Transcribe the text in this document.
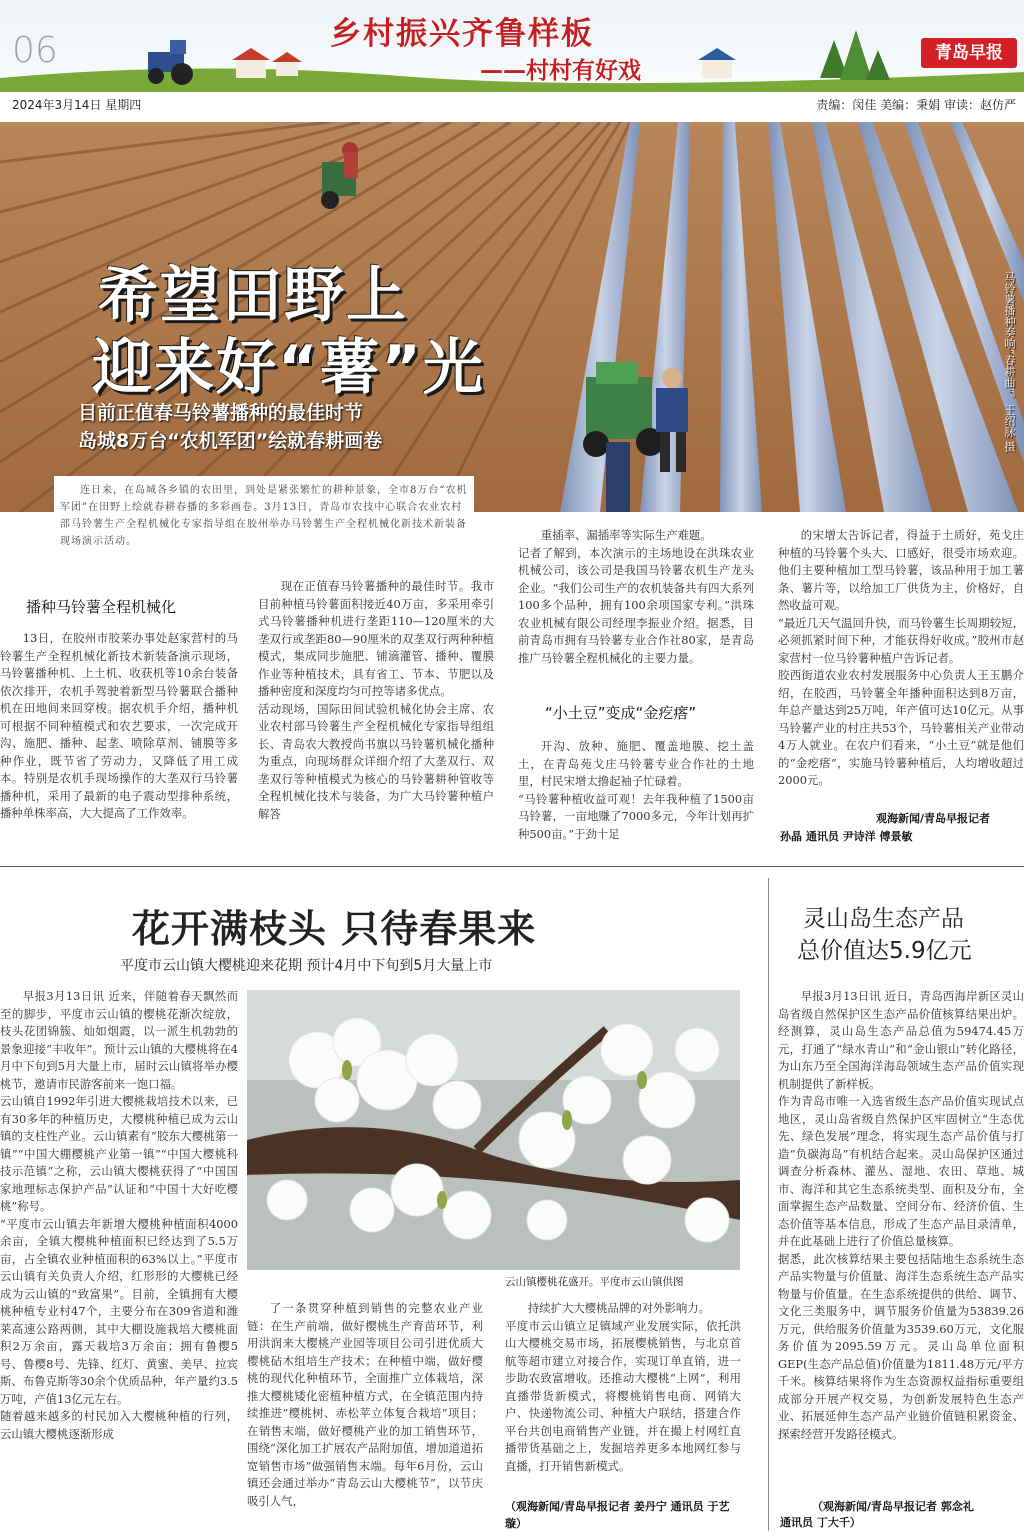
06	乡村振兴齐鲁样板
——村村有好戏
青岛早报
2024年3月14日 星期四	责编：闵佳 美编：秉娟 审读：赵仿严
希望田野上
迎来好“薯”光
目前正值春马铃薯播种的最佳时节
岛城8万台“农机军团”绘就春耕画卷	马铃薯播种奏响“春耕曲”。王绍脉 摄
连日来，在岛城各乡镇的农田里，到处是紧张繁忙的耕种景象，全市8万台“农机军团”在田野上绘就春耕春播的多彩画卷。3月13日，青岛市农技中心联合农业农村部马铃薯生产全程机械化专家指导组在胶州举办马铃薯生产全程机械化新技术新装备现场演示活动。
播种马铃薯全程机械化

13日，在胶州市胶莱办事处赵家营村的马铃薯生产全程机械化新技术新装备演示现场，马铃薯播种机、上土机、收获机等10余台装备依次排开，农机手驾驶着新型马铃薯联合播种机在田地间来回穿梭。据农机手介绍，播种机可根据不同种植模式和农艺要求，一次完成开沟、施肥、播种、起垄、喷除草剂、铺膜等多种作业，既节省了劳动力，又降低了用工成本。特别是农机手现场操作的大垄双行马铃薯播种机，采用了最新的电子震动型排种系统，播种单株率高，大大提高了工作效率。

现在正值春马铃薯播种的最佳时节。我市目前种植马铃薯面积接近40万亩，多采用牵引式马铃薯播种机进行垄距110—120厘米的大垄双行或垄距80—90厘米的双垄双行两种种植模式，集成同步施肥、铺滴灌管、播种、覆膜作业等种植技术，具有省工、节本、节肥以及播种密度和深度均匀可控等诸多优点。
活动现场，国际田间试验机械化协会主席、农业农村部马铃薯生产全程机械化专家指导组组长、青岛农大教授尚书旗以马铃薯机械化播种为重点，向现场群众详细介绍了大垄双行、双垄双行等种植模式为核心的马铃薯耕种管收等全程机械化技术与装备，为广大马铃薯种植户解答

重插率、漏插率等实际生产难题。
记者了解到，本次演示的主场地设在洪珠农业机械公司，该公司是我国马铃薯农机生产龙头企业。“我们公司生产的农机装备共有四大系列100多个品种，拥有100余项国家专利。”洪珠农业机械有限公司经理李振业介绍。据悉，目前青岛市拥有马铃薯专业合作社80家，是青岛推广马铃薯全程机械化的主要力量。

“小土豆”变成“金疙瘩”

开沟、放种、施肥、覆盖地膜、挖土盖土，在青岛苑戈庄马铃薯专业合作社的土地里，村民宋增太撸起袖子忙碌着。
“马铃薯种植收益可观！去年我种植了1500亩马铃薯，一亩地赚了7000多元，今年计划再扩种500亩。”于劲十足

的宋增太告诉记者，得益于土质好，苑戈庄种植的马铃薯个头大、口感好，很受市场欢迎。他们主要种植加工型马铃薯，该品种用于加工薯条、薯片等，以给加工厂供货为主，价格好，自然收益可观。
“最近几天气温回升快，而马铃薯生长周期较短，必须抓紧时间下种，才能获得好收成。”胶州市赵家营村一位马铃薯种植户告诉记者。
胶西街道农业农村发展服务中心负责人王玉鹏介绍，在胶西，马铃薯全年播种面积达到8万亩，年总产量达到25万吨，年产值可达10亿元。从事马铃薯产业的村庄共53个，马铃薯相关产业带动4万人就业。在农户们看来，“小土豆”就是他们的“金疙瘩”，实施马铃薯种植后，人均增收超过2000元。

观海新闻/青岛早报记者
孙晶 通讯员 尹诗洋 傅景敏
花开满枝头 只待春果来
平度市云山镇大樱桃迎来花期 预计4月中下旬到5月大量上市

早报3月13日讯 近来，伴随着春天飘然而至的脚步，平度市云山镇的樱桃花渐次绽放，枝头花团锦簇、灿如烟霞，以一派生机勃勃的景象迎接“丰收年”。预计云山镇的大樱桃将在4月中下旬到5月大量上市，届时云山镇将举办樱桃节，邀请市民游客前来一饱口福。
云山镇自1992年引进大樱桃栽培技术以来，已有30多年的种植历史，大樱桃种植已成为云山镇的支柱性产业。云山镇素有“胶东大樱桃第一镇”“中国大棚樱桃产业第一镇”“中国大樱桃科技示范镇”之称，云山镇大樱桃获得了“中国国家地理标志保护产品”认证和“中国十大好吃樱桃”称号。
“平度市云山镇去年新增大樱桃种植面积4000余亩，全镇大樱桃种植面积已经达到了5.5万亩，占全镇农业种植面积的63%以上。”平度市云山镇有关负责人介绍，红形形的大樱桃已经成为云山镇的“致富果”。目前，全镇拥有大樱桃种植专业村47个，主要分布在309省道和潍莱高速公路两侧，其中大棚设施栽培大樱桃面积2万余亩，露天栽培3万余亩；拥有鲁樱5号、鲁樱8号、先锋、红灯、黄蜜、美早、拉宾斯、布鲁克斯等30余个优质品种，年产量约3.5万吨，产值13亿元左右。
随着越来越多的村民加入大樱桃种植的行列，云山镇大樱桃逐渐形成

云山镇樱桃花盛开。平度市云山镇供图

了一条贯穿种植到销售的完整农业产业链：在生产前端，做好樱桃生产育苗环节，利用洪润来大樱桃产业园等项目公司引进优质大樱桃砧木组培生产技术；在种植中端，做好樱桃的现代化种植环节，全面推广立体栽培，深推大樱桃矮化密植种植方式，在全镇范围内持续推进“樱桃树、赤松苹立体复合栽培”项目；在销售末端，做好樱桃产业的加工销售环节，围绕“深化加工扩展农产品附加值，增加道道拓宽销售市场”做强销售末端。每年6月份，云山镇还会通过举办“青岛云山大樱桃节”，以节庆吸引人气，

持续扩大大樱桃品牌的对外影响力。
平度市云山镇立足镇域产业发展实际，依托洪山大樱桃交易市场，拓展樱桃销售，与北京首航等超市建立对接合作，实现订单直销，进一步助农致富增收。还推动大樱桃“上网”，利用直播带货新模式，将樱桃销售电商、网销大户、快递物流公司、种植大户联结，搭建合作平台共创电商销售产业链，并在撮上村网红直播带货基础之上，发掘培养更多本地网红参与直播，打开销售新模式。

（观海新闻/青岛早报记者 姜丹宁 通讯员 于艺璇）
灵山岛生态产品
总价值达5.9亿元

早报3月13日讯 近日，青岛西海岸新区灵山岛省级自然保护区生态产品价值核算结果出炉。经测算，灵山岛生态产品总值为59474.45万元，打通了“绿水青山”和“金山银山”转化路径，为山东乃至全国海洋海岛领域生态产品价值实现机制提供了新样板。
作为青岛市唯一入选省级生态产品价值实现试点地区，灵山岛省级自然保护区牢固树立“生态优先、绿色发展”理念，将实现生态产品价值与打造“负碳海岛”有机结合起来。灵山岛保护区通过调查分析森林、灌丛、湿地、农田、草地、城市、海洋和其它生态系统类型、面积及分布，全面掌握生态产品数量、空间分布、经济价值、生态价值等基本信息，形成了生态产品目录清单，并在此基础上进行了价值总量核算。
据悉，此次核算结果主要包括陆地生态系统生态产品实物量与价值量、海洋生态系统生态产品实物量与价值量。在生态系统提供的供给、调节、文化三类服务中，调节服务价值量为53839.26万元，供给服务价值量为3539.60万元，文化服务价值为2095.59万元。灵山岛单位面积GEP(生态产品总值)价值量为1811.48万元/平方千米。核算结果将作为生态资源权益指标重要组成部分开展产权交易，为创新发展特色生态产业、拓展延伸生态产品产业链价值链积累资金、探索经营开发路径模式。

（观海新闻/青岛早报记者 郭念礼
通讯员 丁大千）
